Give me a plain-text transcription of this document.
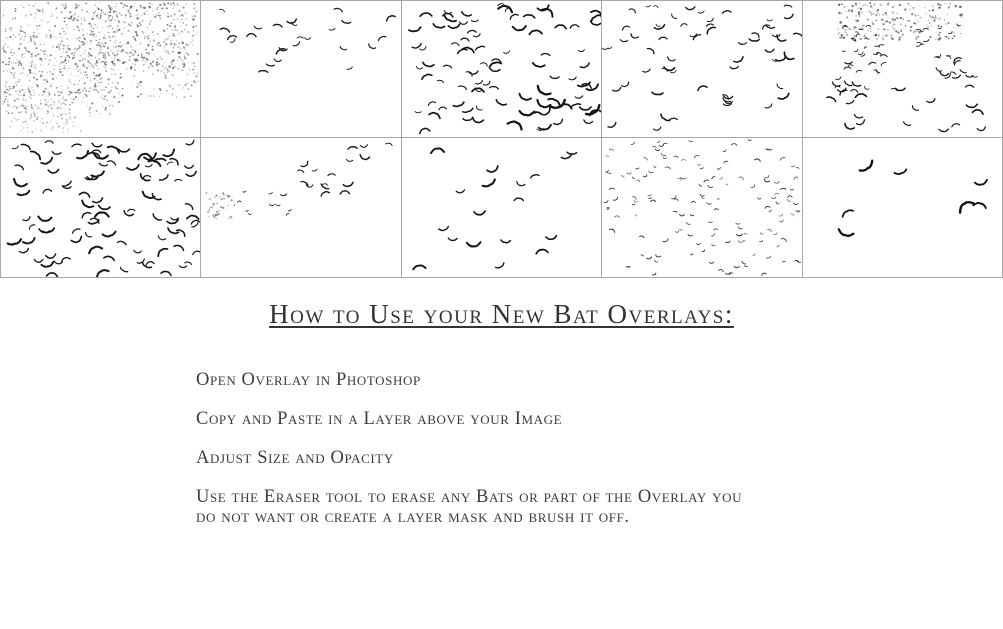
How to Use your New Bat Overlays:

Open Overlay in Photoshop

Copy and Paste in a Layer above your Image

Adjust Size and Opacity

Use the Eraser tool to erase any Bats or part of the Overlay you do not want or create a layer mask and brush it off.
